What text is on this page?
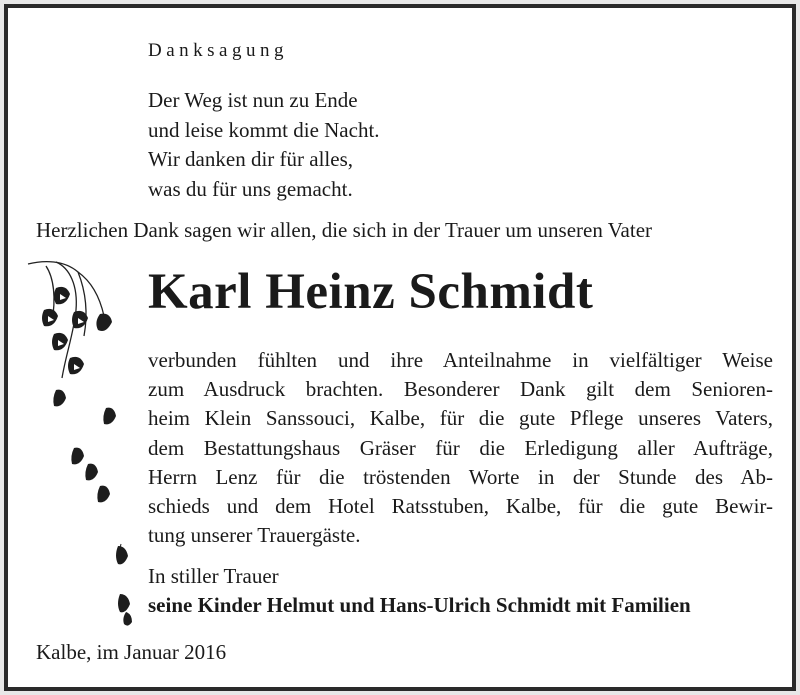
Danksagung
Der Weg ist nun zu Ende
und leise kommt die Nacht.
Wir danken dir für alles,
was du für uns gemacht.
Herzlichen Dank sagen wir allen, die sich in der Trauer um unseren Vater
Karl Heinz Schmidt
verbunden fühlten und ihre Anteilnahme in vielfältiger Weise
zum Ausdruck brachten. Besonderer Dank gilt dem Senioren-
heim Klein Sanssouci, Kalbe, für die gute Pflege unseres Vaters,
dem Bestattungshaus Gräser für die Erledigung aller Aufträge,
Herrn Lenz für die tröstenden Worte in der Stunde des Ab-
schieds und dem Hotel Ratsstuben, Kalbe, für die gute Bewir-
tung unserer Trauergäste.
In stiller Trauer
seine Kinder Helmut und Hans-Ulrich Schmidt mit Familien
Kalbe, im Januar 2016
